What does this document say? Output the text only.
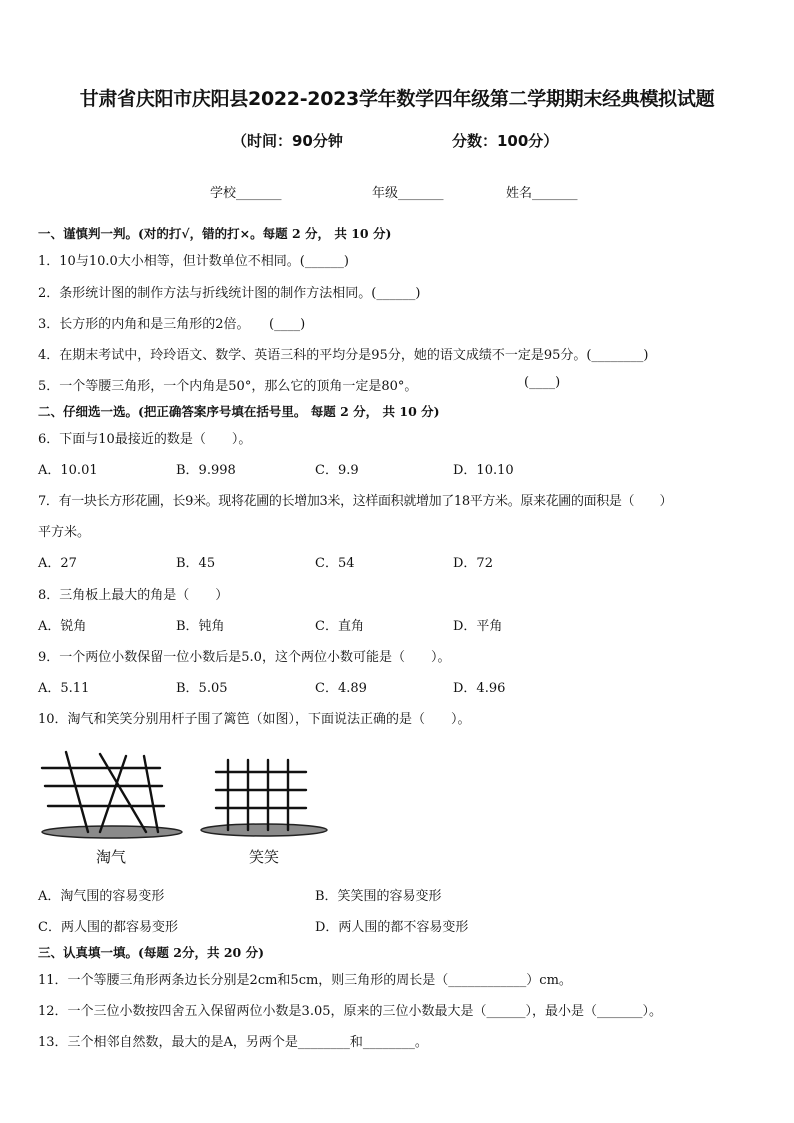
甘肃省庆阳市庆阳县2022-2023学年数学四年级第二学期期末经典模拟试题
（时间：90分钟	分数：100分）
学校_______	年级_______	姓名_______
一、谨慎判一判。(对的打√，错的打×。每题 2 分， 共 10 分)
1．10与10.0大小相等，但计数单位不相同。(______)
2．条形统计图的制作方法与折线统计图的制作方法相同。(______)
3．长方形的内角和是三角形的2倍。　　(____)
4．在期末考试中，玲玲语文、数学、英语三科的平均分是95分，她的语文成绩不一定是95分。(________)
5．一个等腰三角形，一个内角是50°，那么它的顶角一定是80°。	(____)
二、仔细选一选。(把正确答案序号填在括号里。 每题 2 分， 共 10 分)
6．下面与10最接近的数是（　　）。
A．10.01	B．9.998	C．9.9	D．10.10
7．有一块长方形花圃，长9米。现将花圃的长增加3米，这样面积就增加了18平方米。原来花圃的面积是（　　）
平方米。
A．27	B．45	C．54	D．72
8．三角板上最大的角是（　　）
A．锐角	B．钝角	C．直角	D．平角
9．一个两位小数保留一位小数后是5.0，这个两位小数可能是（　　）。
A．5.11	B．5.05	C．4.89	D．4.96
10．淘气和笑笑分别用杆子围了篱笆（如图），下面说法正确的是（　　）。
淘气	笑笑
A．淘气围的容易变形	B．笑笑围的容易变形
C．两人围的都容易变形	D．两人围的都不容易变形
三、认真填一填。(每题 2分，共 20 分)
11．一个等腰三角形两条边长分别是2cm和5cm，则三角形的周长是（____________）cm。
12．一个三位小数按四舍五入保留两位小数是3.05，原来的三位小数最大是（______），最小是（_______）。
13．三个相邻自然数，最大的是A，另两个是________和________。
